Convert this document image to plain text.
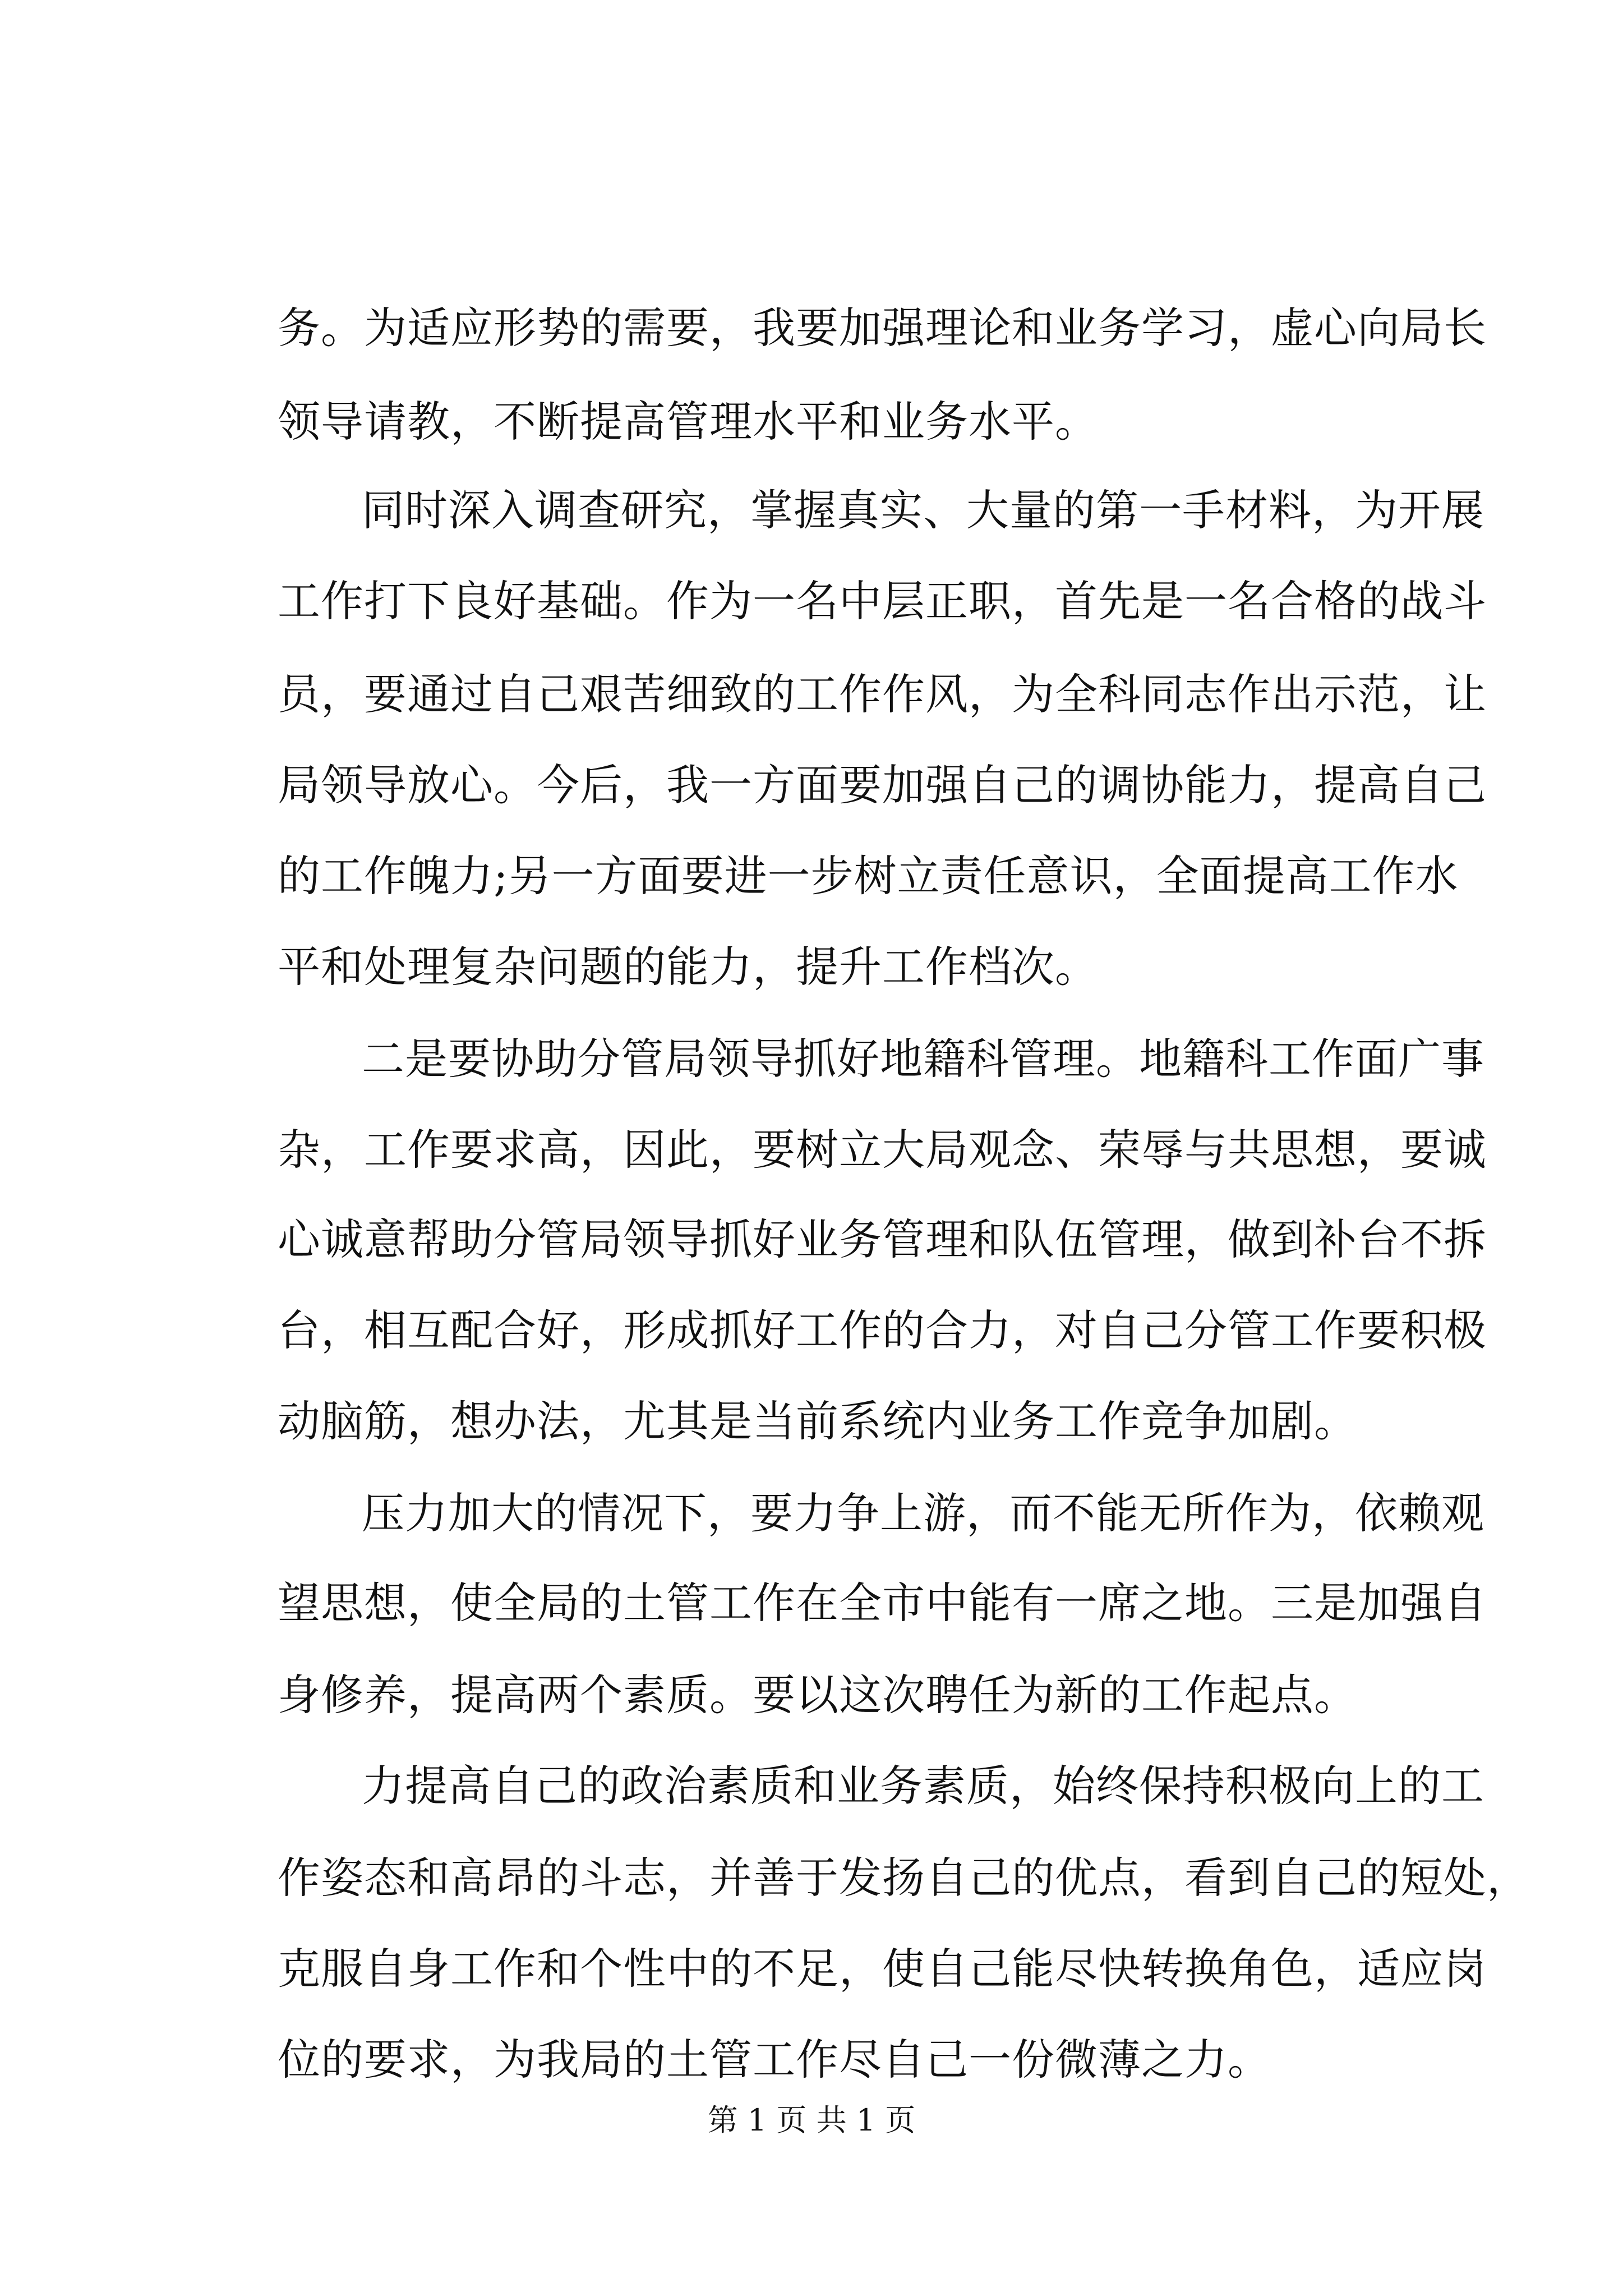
务。为适应形势的需要，我要加强理论和业务学习，虚心向局长
领导请教，不断提高管理水平和业务水平。
同时深入调查研究，掌握真实、大量的第一手材料，为开展
工作打下良好基础。作为一名中层正职，首先是一名合格的战斗
员，要通过自己艰苦细致的工作作风，为全科同志作出示范，让
局领导放心。今后，我一方面要加强自己的调协能力，提高自己
的工作魄力;另一方面要进一步树立责任意识，全面提高工作水
平和处理复杂问题的能力，提升工作档次。
二是要协助分管局领导抓好地籍科管理。地籍科工作面广事
杂，工作要求高，因此，要树立大局观念、荣辱与共思想，要诚
心诚意帮助分管局领导抓好业务管理和队伍管理，做到补台不拆
台，相互配合好，形成抓好工作的合力，对自己分管工作要积极
动脑筋，想办法，尤其是当前系统内业务工作竞争加剧。
压力加大的情况下，要力争上游，而不能无所作为，依赖观
望思想，使全局的土管工作在全市中能有一席之地。三是加强自
身修养，提高两个素质。要以这次聘任为新的工作起点。
力提高自己的政治素质和业务素质，始终保持积极向上的工
作姿态和高昂的斗志，并善于发扬自己的优点，看到自己的短处，
克服自身工作和个性中的不足，使自己能尽快转换角色，适应岗
位的要求，为我局的土管工作尽自己一份微薄之力。
第 1 页 共 1 页
